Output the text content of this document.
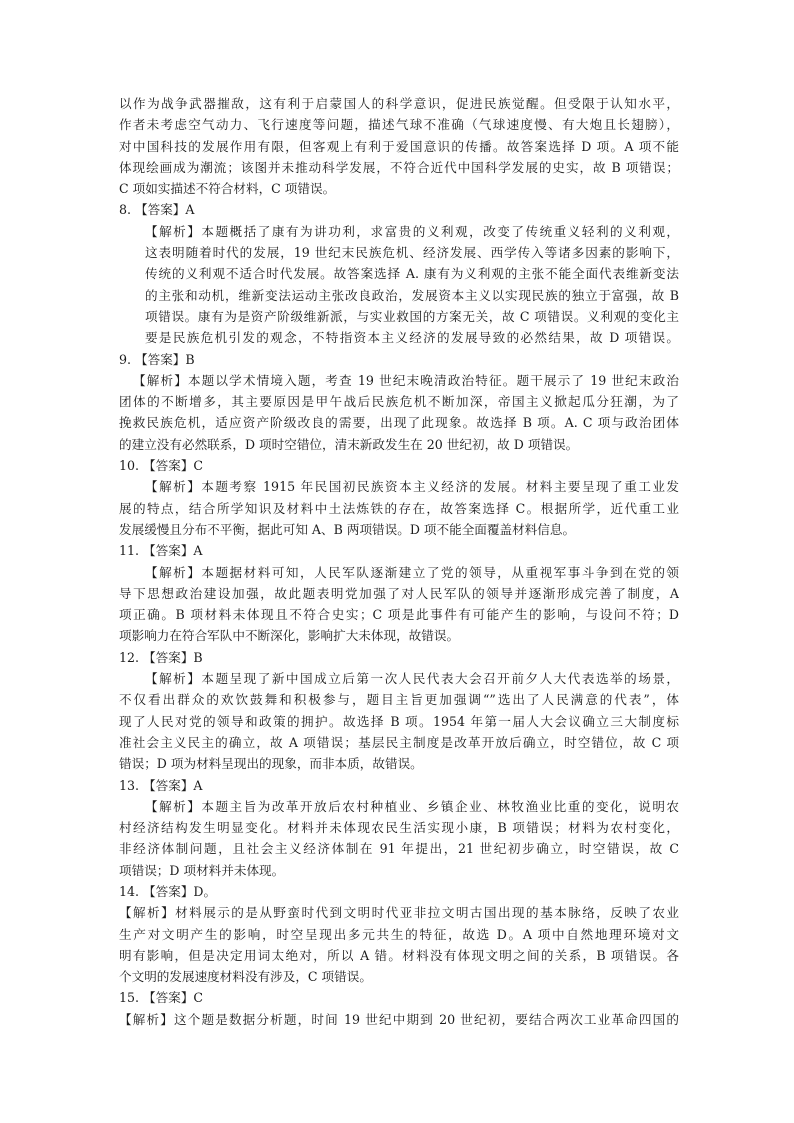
以作为战争武器摧敌，这有利于启蒙国人的科学意识，促进民族觉醒。但受限于认知水平，
作者未考虑空气动力、飞行速度等问题，描述气球不准确（气球速度慢、有大炮且长翅膀），
对中国科技的发展作用有限，但客观上有利于爱国意识的传播。故答案选择 D 项。A 项不能
体现绘画成为潮流；该图并未推动科学发展，不符合近代中国科学发展的史实，故 B 项错误；
C 项如实描述不符合材料，C 项错误。
8. 【答案】A
【解析】本题概括了康有为讲功利，求富贵的义利观，改变了传统重义轻利的义利观，
这表明随着时代的发展，19 世纪末民族危机、经济发展、西学传入等诸多因素的影响下，
传统的义利观不适合时代发展。故答案选择 A. 康有为义利观的主张不能全面代表维新变法
的主张和动机，维新变法运动主张改良政治，发展资本主义以实现民族的独立于富强，故 B
项错误。康有为是资产阶级维新派，与实业救国的方案无关，故 C 项错误。义利观的变化主
要是民族危机引发的观念，不特指资本主义经济的发展导致的必然结果，故 D 项错误。
9. 【答案】B
【解析】本题以学术情境入题，考查 19 世纪末晚清政治特征。题干展示了 19 世纪末政治
团体的不断增多，其主要原因是甲午战后民族危机不断加深，帝国主义掀起瓜分狂潮，为了
挽救民族危机，适应资产阶级改良的需要，出现了此现象。故选择 B 项。A. C 项与政治团体
的建立没有必然联系，D 项时空错位，清末新政发生在 20 世纪初，故 D 项错误。
10. 【答案】C
【解析】本题考察 1915 年民国初民族资本主义经济的发展。材料主要呈现了重工业发
展的特点，结合所学知识及材料中土法炼铁的存在，故答案选择 C。根据所学，近代重工业
发展缓慢且分布不平衡，据此可知 A、B 两项错误。D 项不能全面覆盖材料信息。
11. 【答案】A
【解析】本题据材料可知，人民军队逐渐建立了党的领导，从重视军事斗争到在党的领
导下思想政治建设加强，故此题表明党加强了对人民军队的领导并逐渐形成完善了制度，A
项正确。B 项材料未体现且不符合史实；C 项是此事件有可能产生的影响，与设问不符；D
项影响力在符合军队中不断深化，影响扩大未体现，故错误。
12. 【答案】B
【解析】本题呈现了新中国成立后第一次人民代表大会召开前夕人大代表选举的场景，
不仅看出群众的欢饮鼓舞和积极参与，题目主旨更加强调“”选出了人民满意的代表”，体
现了人民对党的领导和政策的拥护。故选择 B 项。1954 年第一届人大会议确立三大制度标
准社会主义民主的确立，故 A 项错误；基层民主制度是改革开放后确立，时空错位，故 C 项
错误；D 项为材料呈现出的现象，而非本质，故错误。
13. 【答案】A
【解析】本题主旨为改革开放后农村种植业、乡镇企业、林牧渔业比重的变化，说明农
村经济结构发生明显变化。材料并未体现农民生活实现小康，B 项错误；材料为农村变化，
非经济体制问题，且社会主义经济体制在 91 年提出，21 世纪初步确立，时空错误，故 C
项错误；D 项材料并未体现。
14. 【答案】D。
【解析】材料展示的是从野蛮时代到文明时代亚非拉文明古国出现的基本脉络，反映了农业
生产对文明产生的影响，时空呈现出多元共生的特征，故选 D。A 项中自然地理环境对文
明有影响，但是决定用词太绝对，所以 A 错。材料没有体现文明之间的关系，B 项错误。各
个文明的发展速度材料没有涉及，C 项错误。
15. 【答案】C
【解析】这个题是数据分析题，时间 19 世纪中期到 20 世纪初，要结合两次工业革命四国的
